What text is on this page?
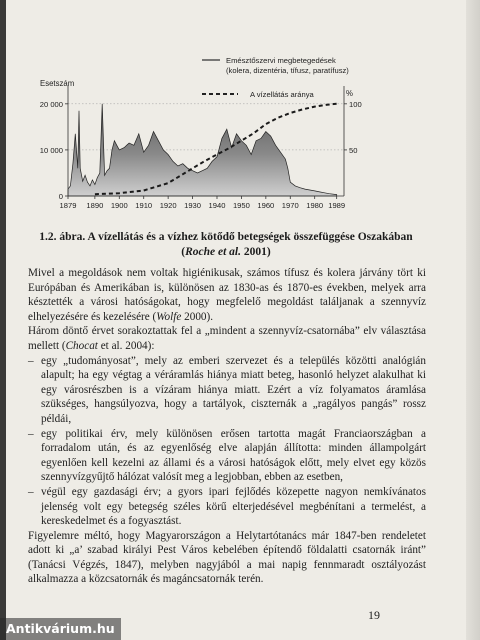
0
10 000
20 000
50
100
1879 1890 1900 1910 1920 1930 1940 1950 1960 1970 1980 1989
Emésztőszervi megbetegedések
(kolera, dizentéria, tífusz, paratífusz)
A vízellátás aránya
Esetszám
%
1.2. ábra. A vízellátás és a vízhez kötődő betegségek összefüggése Oszakában (Roche et al. 2001)

Mivel a megoldások nem voltak higiénikusak, számos tífusz és kolera járvány tört ki Európában és Amerikában is, különösen az 1830-as és 1870-es években, melyek arra késztették a városi hatóságokat, hogy megfelelő megoldást találjanak a szennyvíz elhelyezésére és kezelésére (Wolfe 2000).

Három döntő érvet sorakoztattak fel a „mindent a szennyvíz-csatornába” elv választása mellett (Chocat et al. 2004):

– egy „tudományosat”, mely az emberi szervezet és a település közötti analógián alapult; ha egy végtag a véráramlás hiánya miatt beteg, hasonló helyzet alakulhat ki egy városrészben is a vízáram hiánya miatt. Ezért a víz folyamatos áramlása szükséges, hangsúlyozva, hogy a tartályok, ciszternák a „ragályos pangás” rossz példái,
– egy politikai érv, mely különösen erősen tartotta magát Franciaországban a forradalom után, és az egyenlőség elve alapján állította: minden állampolgárt egyenlően kell kezelni az állami és a városi hatóságok előtt, mely elvet egy közös szennyvízgyűjtő hálózat valósít meg a legjobban, ebben az esetben,
– végül egy gazdasági érv; a gyors ipari fejlődés közepette nagyon nemkívánatos jelenség volt egy betegség széles körű elterjedésével megbénítani a termelést, a kereskedelmet és a fogyasztást.

Figyelemre méltó, hogy Magyarországon a Helytartótanács már 1847-ben rendeletet adott ki „a’ szabad királyi Pest Város kebelében építendő földalatti csatornák iránt” (Tanácsi Végzés, 1847), melyben nagyjából a mai napig fennmaradt osztályozást alkalmazza a közcsatornák és magáncsatornák terén.

19
Antikvárium.hu
